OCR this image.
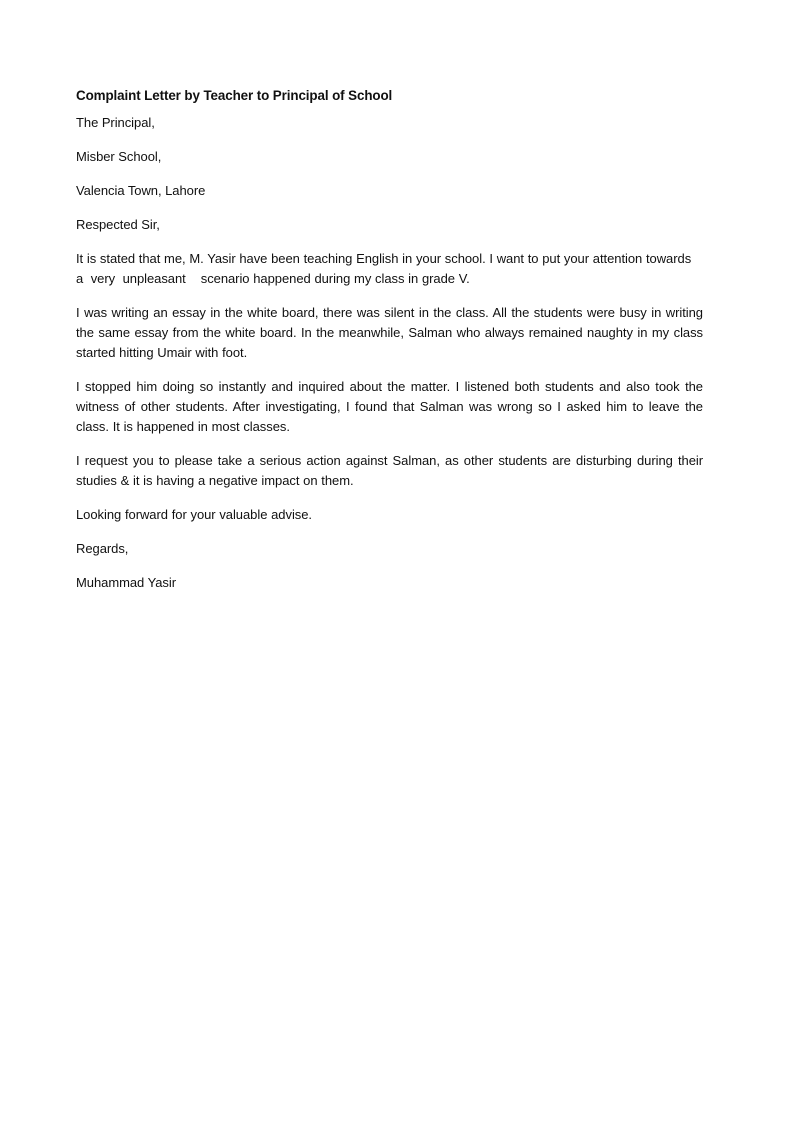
Complaint Letter by Teacher to Principal of School
The Principal,
Misber School,
Valencia Town, Lahore
Respected Sir,
It is stated that me, M. Yasir have been teaching English in your school. I want to put your attention towards
a  very  unpleasant    scenario happened during my class in grade V.
I was writing an essay in the white board, there was silent in the class. All the students were busy in writing the same essay from the white board. In the meanwhile, Salman who always remained naughty in my class started hitting Umair with foot.
I stopped him doing so instantly and inquired about the matter. I listened both students and also took the witness of other students. After investigating, I found that Salman was wrong so I asked him to leave the class. It is happened in most classes.
I request you to please take a serious action against Salman, as other students are disturbing during their studies & it is having a negative impact on them.
Looking forward for your valuable advise.
Regards,
Muhammad Yasir
